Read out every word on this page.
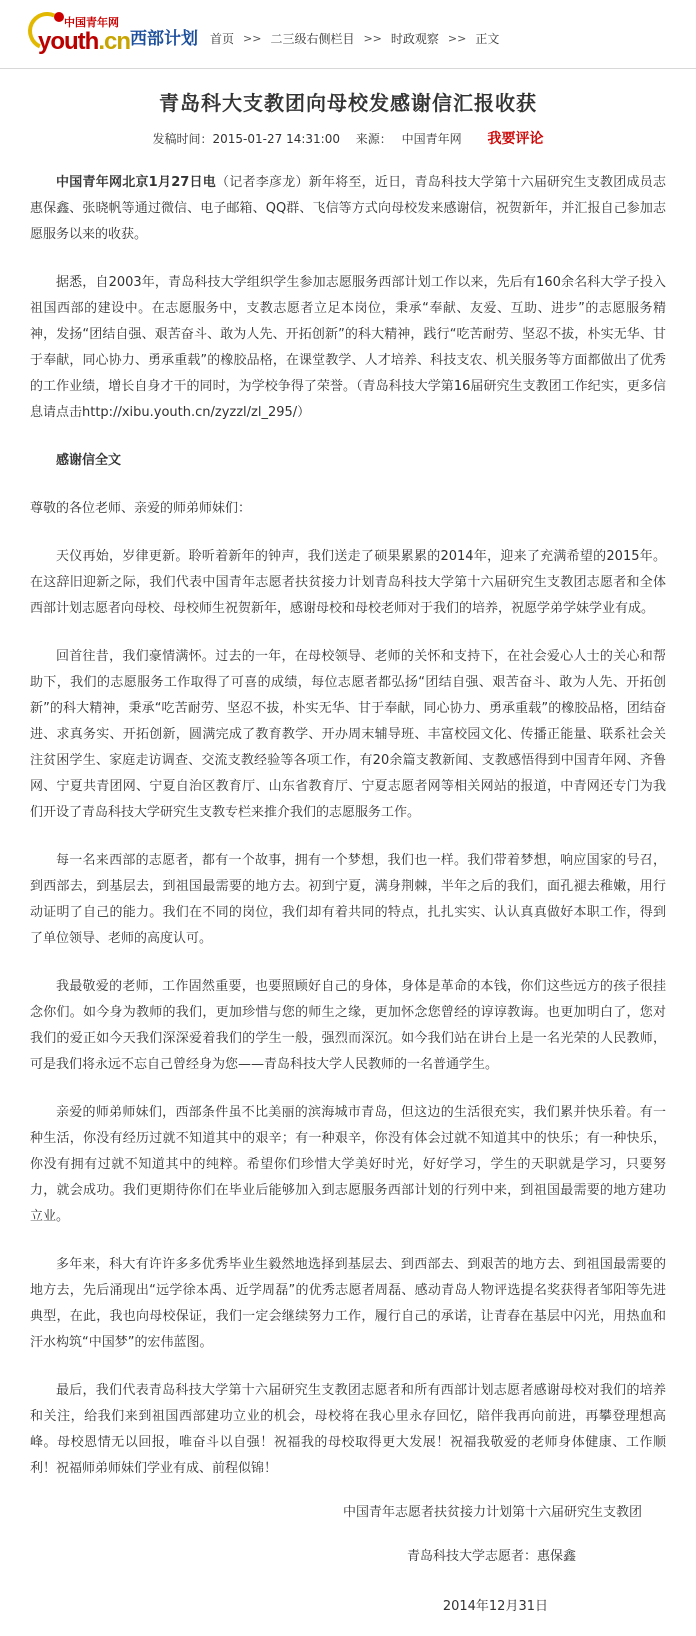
中国青年网
youth.cn 西部计划 首页 >> 二三级右侧栏目 >> 时政观察 >> 正文
青岛科大支教团向母校发感谢信汇报收获
发稿时间：2015-01-27 14:31:00 来源： 中国青年网 我要评论

中国青年网北京1月27日电（记者李彦龙）新年将至，近日，青岛科技大学第十六届研究生支教团成员志惠保鑫、张晓帆等通过微信、电子邮箱、QQ群、飞信等方式向母校发来感谢信，祝贺新年，并汇报自己参加志愿服务以来的收获。

据悉，自2003年，青岛科技大学组织学生参加志愿服务西部计划工作以来，先后有160余名科大学子投入祖国西部的建设中。在志愿服务中，支教志愿者立足本岗位，秉承“奉献、友爱、互助、进步”的志愿服务精神，发扬“团结自强、艰苦奋斗、敢为人先、开拓创新”的科大精神，践行“吃苦耐劳、坚忍不拔，朴实无华、甘于奉献，同心协力、勇承重载”的橡胶品格，在课堂教学、人才培养、科技支农、机关服务等方面都做出了优秀的工作业绩，增长自身才干的同时，为学校争得了荣誉。（青岛科技大学第16届研究生支教团工作纪实，更多信息请点击http://xibu.youth.cn/zyzzl/zl_295/）

感谢信全文

尊敬的各位老师、亲爱的师弟师妹们：

天仪再始，岁律更新。聆听着新年的钟声，我们送走了硕果累累的2014年，迎来了充满希望的2015年。在这辞旧迎新之际，我们代表中国青年志愿者扶贫接力计划青岛科技大学第十六届研究生支教团志愿者和全体西部计划志愿者向母校、母校师生祝贺新年，感谢母校和母校老师对于我们的培养，祝愿学弟学妹学业有成。

回首往昔，我们豪情满怀。过去的一年，在母校领导、老师的关怀和支持下，在社会爱心人士的关心和帮助下，我们的志愿服务工作取得了可喜的成绩，每位志愿者都弘扬“团结自强、艰苦奋斗、敢为人先、开拓创新”的科大精神，秉承“吃苦耐劳、坚忍不拔，朴实无华、甘于奉献，同心协力、勇承重载”的橡胶品格，团结奋进、求真务实、开拓创新，圆满完成了教育教学、开办周末辅导班、丰富校园文化、传播正能量、联系社会关注贫困学生、家庭走访调查、交流支教经验等各项工作，有20余篇支教新闻、支教感悟得到中国青年网、齐鲁网、宁夏共青团网、宁夏自治区教育厅、山东省教育厅、宁夏志愿者网等相关网站的报道，中青网还专门为我们开设了青岛科技大学研究生支教专栏来推介我们的志愿服务工作。

每一名来西部的志愿者，都有一个故事，拥有一个梦想，我们也一样。我们带着梦想，响应国家的号召，到西部去，到基层去，到祖国最需要的地方去。初到宁夏，满身荆棘，半年之后的我们，面孔褪去稚嫩，用行动证明了自己的能力。我们在不同的岗位，我们却有着共同的特点，扎扎实实、认认真真做好本职工作，得到了单位领导、老师的高度认可。

我最敬爱的老师，工作固然重要，也要照顾好自己的身体，身体是革命的本钱，你们这些远方的孩子很挂念你们。如今身为教师的我们，更加珍惜与您的师生之缘，更加怀念您曾经的谆谆教诲。也更加明白了，您对我们的爱正如今天我们深深爱着我们的学生一般，强烈而深沉。如今我们站在讲台上是一名光荣的人民教师，可是我们将永远不忘自己曾经身为您——青岛科技大学人民教师的一名普通学生。

亲爱的师弟师妹们，西部条件虽不比美丽的滨海城市青岛，但这边的生活很充实，我们累并快乐着。有一种生活，你没有经历过就不知道其中的艰辛；有一种艰辛，你没有体会过就不知道其中的快乐；有一种快乐，你没有拥有过就不知道其中的纯粹。希望你们珍惜大学美好时光，好好学习，学生的天职就是学习，只要努力，就会成功。我们更期待你们在毕业后能够加入到志愿服务西部计划的行列中来，到祖国最需要的地方建功立业。

多年来，科大有许许多多优秀毕业生毅然地选择到基层去、到西部去、到艰苦的地方去、到祖国最需要的地方去，先后涌现出“远学徐本禹、近学周磊”的优秀志愿者周磊、感动青岛人物评选提名奖获得者邹阳等先进典型，在此，我也向母校保证，我们一定会继续努力工作，履行自己的承诺，让青春在基层中闪光，用热血和汗水构筑“中国梦”的宏伟蓝图。

最后，我们代表青岛科技大学第十六届研究生支教团志愿者和所有西部计划志愿者感谢母校对我们的培养和关注，给我们来到祖国西部建功立业的机会，母校将在我心里永存回忆，陪伴我再向前进，再攀登理想高峰。母校恩情无以回报，唯奋斗以自强！祝福我的母校取得更大发展！祝福我敬爱的老师身体健康、工作顺利！祝福师弟师妹们学业有成、前程似锦！

中国青年志愿者扶贫接力计划第十六届研究生支教团
青岛科技大学志愿者：惠保鑫
2014年12月31日
